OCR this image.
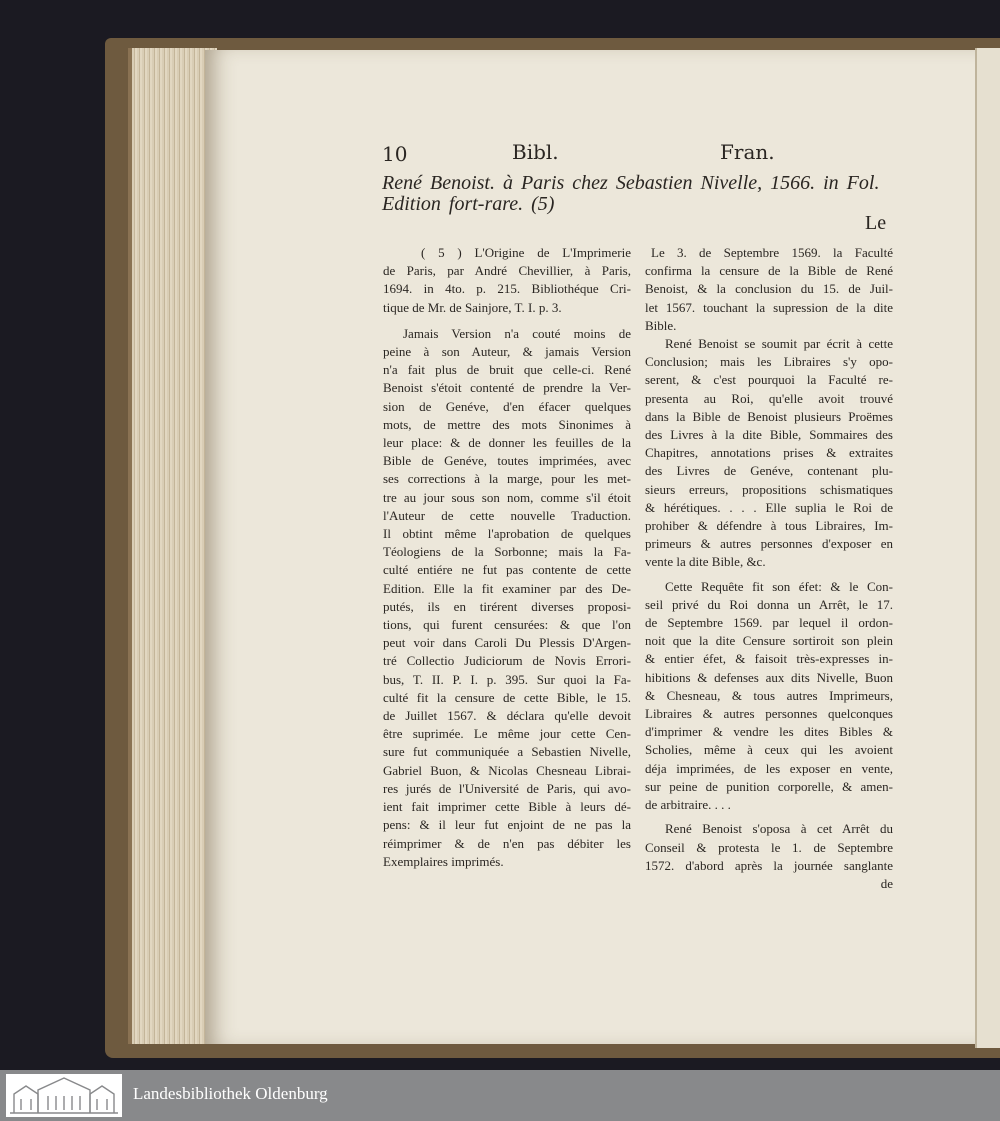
10	Bibl.	Fran.
René Benoist. à Paris chez Sebastien Nivelle, 1566. in Fol.
Edition fort-rare. (5)
Le

( 5 ) L'Origine de L'Imprimerie

de Paris, par André Chevillier, à Paris,

1694. in 4to. p. 215. Bibliothéque Cri-

tique de Mr. de Sainjore, T. I. p. 3.

Jamais Version n'a couté moins de

peine à son Auteur, & jamais Version

n'a fait plus de bruit que celle-ci. René

Benoist s'étoit contenté de prendre la Ver-

sion de Genéve, d'en éfacer quelques

mots, de mettre des mots Sinonimes à

leur place: & de donner les feuilles de la

Bible de Genéve, toutes imprimées, avec

ses corrections à la marge, pour les met-

tre au jour sous son nom, comme s'il étoit

l'Auteur de cette nouvelle Traduction.

Il obtint même l'aprobation de quelques

Téologiens de la Sorbonne; mais la Fa-

culté entiére ne fut pas contente de cette

Edition. Elle la fit examiner par des De-

putés, ils en tirérent diverses proposi-

tions, qui furent censurées: & que l'on

peut voir dans Caroli Du Plessis D'Argen-

tré Collectio Judiciorum de Novis Errori-

bus, T. II. P. I. p. 395. Sur quoi la Fa-

culté fit la censure de cette Bible, le 15.

de Juillet 1567. & déclara qu'elle devoit

être suprimée. Le même jour cette Cen-

sure fut communiquée a Sebastien Nivelle,

Gabriel Buon, & Nicolas Chesneau Librai-

res jurés de l'Université de Paris, qui avo-

ient fait imprimer cette Bible à leurs dé-

pens: & il leur fut enjoint de ne pas la

réimprimer & de n'en pas débiter les

Exemplaires imprimés.

Le 3. de Septembre 1569. la Faculté

confirma la censure de la Bible de René

Benoist, & la conclusion du 15. de Juil-

let 1567. touchant la supression de la dite

Bible.

René Benoist se soumit par écrit à cette

Conclusion; mais les Libraires s'y opo-

serent, & c'est pourquoi la Faculté re-

presenta au Roi, qu'elle avoit trouvé

dans la Bible de Benoist plusieurs Proëmes

des Livres à la dite Bible, Sommaires des

Chapitres, annotations prises & extraites

des Livres de Genéve, contenant plu-

sieurs erreurs, propositions schismatiques

& hérétiques. . . . Elle suplia le Roi de

prohiber & défendre à tous Libraires, Im-

primeurs & autres personnes d'exposer en

vente la dite Bible, &c.

Cette Requête fit son éfet: & le Con-

seil privé du Roi donna un Arrêt, le 17.

de Septembre 1569. par lequel il ordon-

noit que la dite Censure sortiroit son plein

& entier éfet, & faisoit très-expresses in-

hibitions & defenses aux dits Nivelle, Buon

& Chesneau, & tous autres Imprimeurs,

Libraires & autres personnes quelconques

d'imprimer & vendre les dites Bibles &

Scholies, même à ceux qui les avoient

déja imprimées, de les exposer en vente,

sur peine de punition corporelle, & amen-

de arbitraire. . . .

René Benoist s'oposa à cet Arrêt du

Conseil & protesta le 1. de Septembre

1572. d'abord après la journée sanglante

de

Landesbibliothek Oldenburg
